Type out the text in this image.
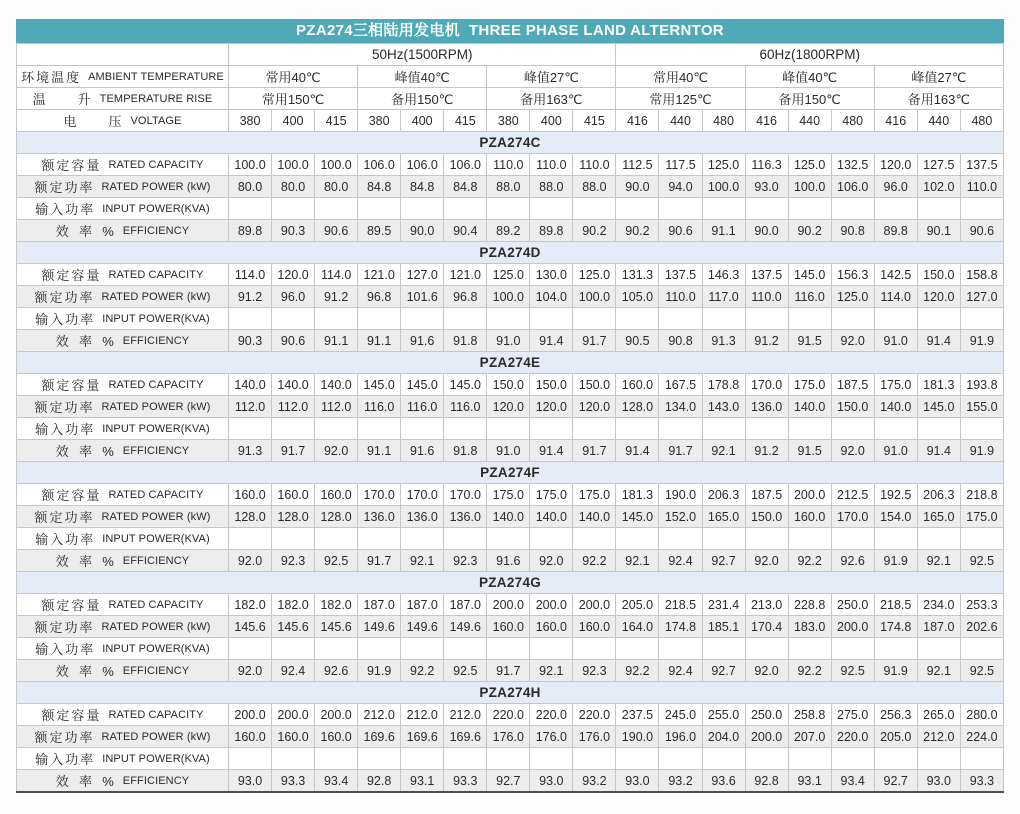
PZA274三相陆用发电机  THREE PHASE LAND ALTERNTOR
	50Hz(1500RPM)									60Hz(1800RPM)								
环境温度 AMBIENT TEMPERATURE	常用40℃			峰值40℃			峰值27℃			常用40℃			峰值40℃			峰值27℃		
温 升 TEMPERATURE RISE	常用150℃			备用150℃			备用163℃			常用125℃			备用150℃			备用163℃		
电 压 VOLTAGE	380	400	415	380	400	415	380	400	415	416	440	480	416	440	480	416	440	480
PZA274C																		
额定容量 RATED CAPACITY	100.0	100.0	100.0	106.0	106.0	106.0	110.0	110.0	110.0	112.5	117.5	125.0	116.3	125.0	132.5	120.0	127.5	137.5
额定功率 RATED POWER (kW)	80.0	80.0	80.0	84.8	84.8	84.8	88.0	88.0	88.0	90.0	94.0	100.0	93.0	100.0	106.0	96.0	102.0	110.0
输入功率 INPUT POWER(KVA)																		
效 率 % EFFICIENCY	89.8	90.3	90.6	89.5	90.0	90.4	89.2	89.8	90.2	90.2	90.6	91.1	90.0	90.2	90.8	89.8	90.1	90.6
PZA274D																		
额定容量 RATED CAPACITY	114.0	120.0	114.0	121.0	127.0	121.0	125.0	130.0	125.0	131.3	137.5	146.3	137.5	145.0	156.3	142.5	150.0	158.8
额定功率 RATED POWER (kW)	91.2	96.0	91.2	96.8	101.6	96.8	100.0	104.0	100.0	105.0	110.0	117.0	110.0	116.0	125.0	114.0	120.0	127.0
输入功率 INPUT POWER(KVA)																		
效 率 % EFFICIENCY	90.3	90.6	91.1	91.1	91.6	91.8	91.0	91.4	91.7	90.5	90.8	91.3	91.2	91.5	92.0	91.0	91.4	91.9
PZA274E																		
额定容量 RATED CAPACITY	140.0	140.0	140.0	145.0	145.0	145.0	150.0	150.0	150.0	160.0	167.5	178.8	170.0	175.0	187.5	175.0	181.3	193.8
额定功率 RATED POWER (kW)	112.0	112.0	112.0	116.0	116.0	116.0	120.0	120.0	120.0	128.0	134.0	143.0	136.0	140.0	150.0	140.0	145.0	155.0
输入功率 INPUT POWER(KVA)																		
效 率 % EFFICIENCY	91.3	91.7	92.0	91.1	91.6	91.8	91.0	91.4	91.7	91.4	91.7	92.1	91.2	91.5	92.0	91.0	91.4	91.9
PZA274F																		
额定容量 RATED CAPACITY	160.0	160.0	160.0	170.0	170.0	170.0	175.0	175.0	175.0	181.3	190.0	206.3	187.5	200.0	212.5	192.5	206.3	218.8
额定功率 RATED POWER (kW)	128.0	128.0	128.0	136.0	136.0	136.0	140.0	140.0	140.0	145.0	152.0	165.0	150.0	160.0	170.0	154.0	165.0	175.0
输入功率 INPUT POWER(KVA)																		
效 率 % EFFICIENCY	92.0	92.3	92.5	91.7	92.1	92.3	91.6	92.0	92.2	92.1	92.4	92.7	92.0	92.2	92.6	91.9	92.1	92.5
PZA274G																		
额定容量 RATED CAPACITY	182.0	182.0	182.0	187.0	187.0	187.0	200.0	200.0	200.0	205.0	218.5	231.4	213.0	228.8	250.0	218.5	234.0	253.3
额定功率 RATED POWER (kW)	145.6	145.6	145.6	149.6	149.6	149.6	160.0	160.0	160.0	164.0	174.8	185.1	170.4	183.0	200.0	174.8	187.0	202.6
输入功率 INPUT POWER(KVA)																		
效 率 % EFFICIENCY	92.0	92.4	92.6	91.9	92.2	92.5	91.7	92.1	92.3	92.2	92.4	92.7	92.0	92.2	92.5	91.9	92.1	92.5
PZA274H																		
额定容量 RATED CAPACITY	200.0	200.0	200.0	212.0	212.0	212.0	220.0	220.0	220.0	237.5	245.0	255.0	250.0	258.8	275.0	256.3	265.0	280.0
额定功率 RATED POWER (kW)	160.0	160.0	160.0	169.6	169.6	169.6	176.0	176.0	176.0	190.0	196.0	204.0	200.0	207.0	220.0	205.0	212.0	224.0
输入功率 INPUT POWER(KVA)																		
效 率 % EFFICIENCY	93.0	93.3	93.4	92.8	93.1	93.3	92.7	93.0	93.2	93.0	93.2	93.6	92.8	93.1	93.4	92.7	93.0	93.3
